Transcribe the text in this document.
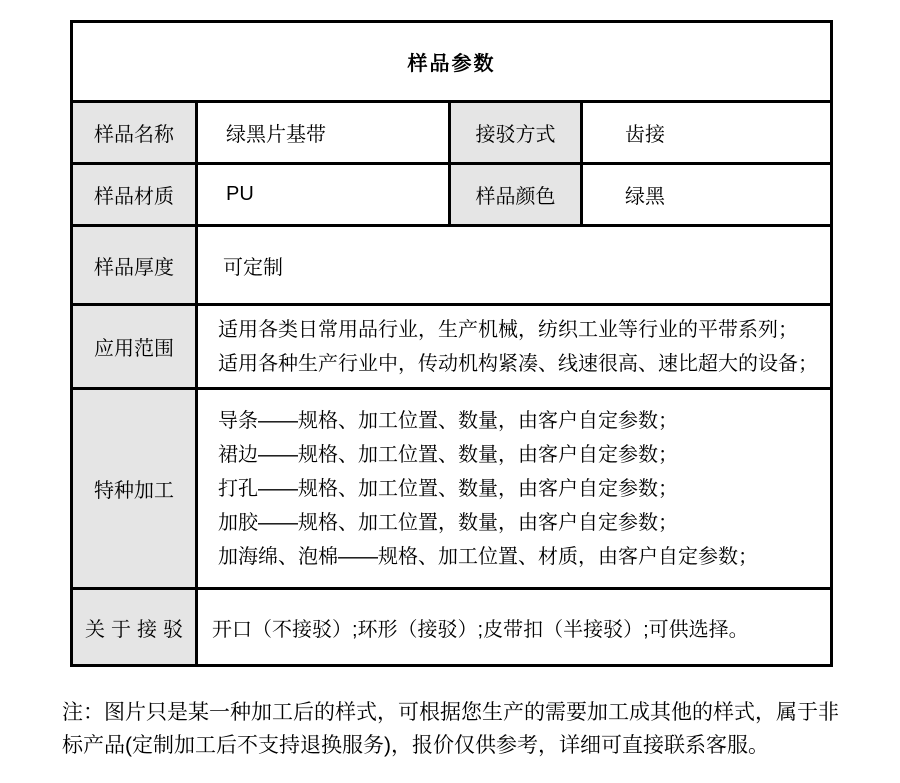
样品参数			
样品名称	绿黑片基带	接驳方式	齿接
样品材质	PU	样品颜色	绿黑
样品厚度	可定制		
应用范围	适用各类日常用品行业，生产机械，纺织工业等行业的平带系列；
适用各种生产行业中，传动机构紧凑、线速很高、速比超大的设备；		

特种加工	导条——规格、加工位置、数量，由客户自定参数；
裙边——规格、加工位置、数量，由客户自定参数；
打孔——规格、加工位置、数量，由客户自定参数；
加胶——规格、加工位置，数量，由客户自定参数；
加海绵、泡棉——规格、加工位置、材质，由客户自定参数；		

关于接驳	开口（不接驳）;环形（接驳）;皮带扣（半接驳）;可供选择。		
注：图片只是某一种加工后的样式，可根据您生产的需要加工成其他的样式，属于非
标产品(定制加工后不支持退换服务)，报价仅供参考，详细可直接联系客服。
